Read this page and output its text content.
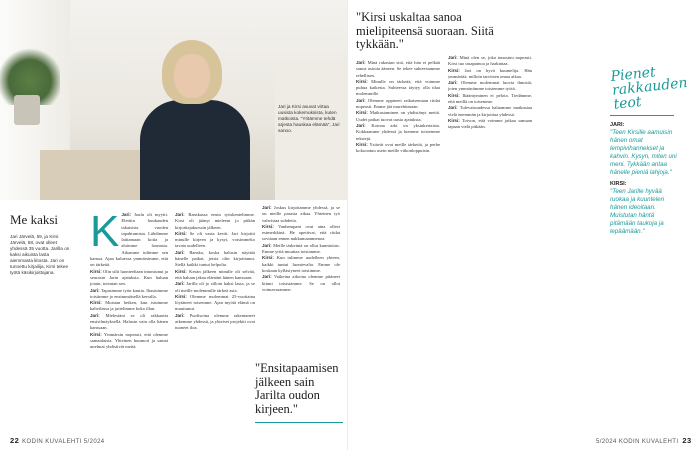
Jari ja Kirsi asuvat virtaa uusista kokemuksista, kuten matkoista. "Yritämme tehdä arjesta hauskaa elämää", Jari sanoo.
Me kaksi
Jari Järvelä, 59, ja Kirsi Järvelä, 58, ovat olleet yhdessä 35 vuotta. Jarilla on kaksi aikuista lasta aiemmasta liitosta. Jari on tunnettu kirjailija, Kirsi tekee työtä käsikirjoittajana.
K Jari: Joulu oli myytti. Elettiin kuukauden takaisista vuoden tapahtumista. Lähdimme laittamaan kotia ja aloimme lounasta. Aikamme tulimme sen kanssa. Ajan kuluessa ymmärsimme, että on tärkeää.

Kirsi: Olin silti luonteeltaan innostunut ja seurasin Jarin ajatuksia. Kun haluan jotain, toteutan sen.

Jari: Tapasimme työn kautta. Ihastuimme toisiimme jo ensimmäisellä kerralla.

Kirsi: Muistan hetken, kun istuimme kahvilassa ja juttelimme koko illan.

Jari: Mielestäni se oli rakkautta ensisilmäyksellä. Halusin vain olla hänen kanssaan.

Kirsi: Ymmärsin nopeasti, että olemme samanlaisia. Yhteinen huumori ja samat unelmat yhdistivät meitä.

Jari: Ranskassa ensin työskentelimme. Kirsi oli jäänyt mieleeni jo pitkän kirjoittajakurssin jälkeen.

Kirsi: Se oli vasta kevät. Jari kirjoitti minulle kirjeen ja kysyi, voisimmeko tavata uudelleen.

Jari: Ranska, koska halusin näyttää hänelle paikat, joista olin kirjoittanut. Siellä kaikki tuntui helpolta.

Kirsi: Kesän jälkeen minulle oli selvää, että haluan jakaa elämäni hänen kanssaan.

Jari: Jarilla oli jo silloin kaksi lasta, ja se oli meille molemmille tärkeä asia.

Kirsi: Olemme molemmat 25-vuotiaina löytäneet toisemme. Ajan myötä elämä on muuttunut.

Jari: Puolisoina olemme rakentaneet arkemme yhdessä, ja yhteiset projektit ovat tuoneet iloa.

Jari: Joskus kirjoitamme yhdessä, ja se on meille parasta aikaa. Yhteinen työ vahvistaa suhdetta.

Kirsi: Vanhempani ovat aina olleet esimerkkinä. He opettivat, että riidat sovitaan ennen nukkumaanmenoa.

Jari: Meille tärkeintä on ollut kunnioitus. Emme yritä muuttaa toisiamme.

Kirsi: Kun tulimme uudelleen yhteen, kaikki tuntui luontevalta. Emme ole koskaan kyllästyneet toisiimme.

Jari: Vaikeina aikoina olemme pitäneet kiinni toisistamme. Se on ollut voimavaramme.

"Ensitapaamisen jälkeen sain Jarilta oudon kirjeen."
22 KODIN KUVALEHTI 5/2024
"Kirsi uskaltaa sanoa mielipiteensä suoraan. Siitä tykkään."

Jari: Minä rakastan sitä, että hän ei pelkää sanoa asioita ääneen. Se tekee suhteestamme rehellisen.

Kirsi: Minulle on tärkeää, että voimme puhua kaikesta. Suhteessa täytyy olla tilaa molemmille.

Jari: Olemme oppineet ratkaisemaan riidat nopeasti. Emme jää murehtimaan.

Kirsi: Matkustaminen on yhdistänyt meitä. Uudet paikat tuovat uusia ajatuksia.

Jari: Kotona arki on yksinkertaista. Kokkaamme yhdessä ja luemme toistemme tekstejä.

Kirsi: Ystävät ovat meille tärkeitä, ja perhe kokoontuu usein meille viikonloppuisin.

Jari: Minä olen se, joka innostuu nopeasti. Kirsi tuo tasapainoa ja harkintaa.

Kirsi: Jari on hyvä kuuntelija. Hän ymmärtää, milloin tarvitsen omaa aikaa.

Jari: Olemme molemmat luovia ihmisiä, joten ymmärrämme toistemme työtä.

Kirsi: Ikääntyminen ei pelota. Tiedämme, että meillä on toisemme.

Jari: Tulevaisuudessa haluamme matkustaa vielä enemmän ja kirjoittaa yhdessä.

Kirsi: Toivon, että voimme jatkaa samaan tapaan vielä pitkään.

Pienet rakkauden teot
JARI:
"Teen Kirsille aamuisin hänen omat lempivihannekset ja kahvin. Kysyn, miten uni meni. Tykkään antaa hänelle pieniä lahjoja."
KIRSI:
"Teen Jarille hyvää ruokaa ja kuuntelen hänen ideoitaan. Muistutan häntä pitämään taukoja ja lepäämään."
5/2024 KODIN KUVALEHTI 23
